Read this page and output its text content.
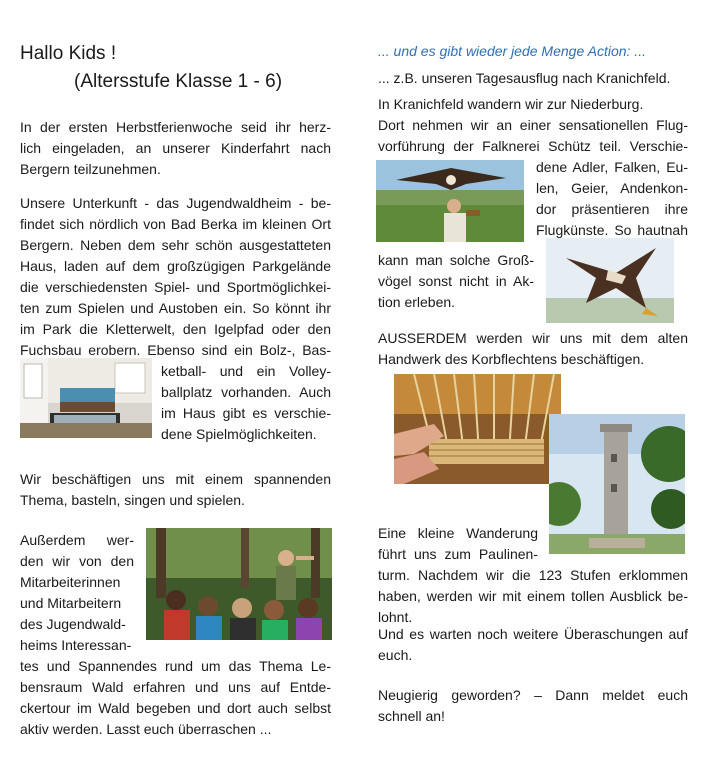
Hallo Kids !
(Altersstufe Klasse 1 - 6)
In der ersten Herbstferienwoche seid ihr herz-
lich eingeladen, an unserer Kinderfahrt nach
Bergern teilzunehmen.
Unsere Unterkunft - das Jugendwaldheim - be-
findet sich nördlich von Bad Berka im kleinen Ort
Bergern. Neben dem sehr schön ausgestatteten
Haus, laden auf dem großzügigen Parkgelände
die verschiedensten Spiel- und Sportmöglichkei-
ten zum Spielen und Austoben ein. So könnt ihr
im Park die Kletterwelt, den Igelpfad oder den
Fuchsbau erobern. Ebenso sind ein Bolz-, Bas-
ketball- und ein Volley-
ballplatz vorhanden. Auch
im Haus gibt es verschie-
dene Spielmöglichkeiten.
Wir beschäftigen uns mit einem spannenden
Thema, basteln, singen und spielen.
Außerdem wer-
den wir von den
Mitarbeiterinnen
und Mitarbeitern
des Jugendwald-
heims Interessan-
tes und Spannendes rund um das Thema Le-
bensraum Wald erfahren und uns auf Entde-
ckertour im Wald begeben und dort auch selbst
aktiv werden. Lasst euch überraschen ...
... und es gibt wieder jede Menge Action: ...
... z.B. unseren Tagesausflug nach Kranichfeld.
In Kranichfeld wandern wir zur Niederburg.
Dort nehmen wir an einer sensationellen Flug-
vorführung der Falknerei Schütz teil. Verschie-
dene Adler, Falken, Eu-
len, Geier, Andenkon-
dor präsentieren ihre
Flugkünste. So hautnah
kann man solche Groß-
vögel sonst nicht in Ak-
tion erleben.
AUSSERDEM werden wir uns mit dem alten
Handwerk des Korbflechtens beschäftigen.
Eine kleine Wanderung
führt uns zum Paulinen-
turm. Nachdem wir die 123 Stufen erklommen
haben, werden wir mit einem tollen Ausblick be-
lohnt.
Und es warten noch weitere Überaschungen auf
euch.
Neugierig geworden? – Dann meldet euch
schnell an!
